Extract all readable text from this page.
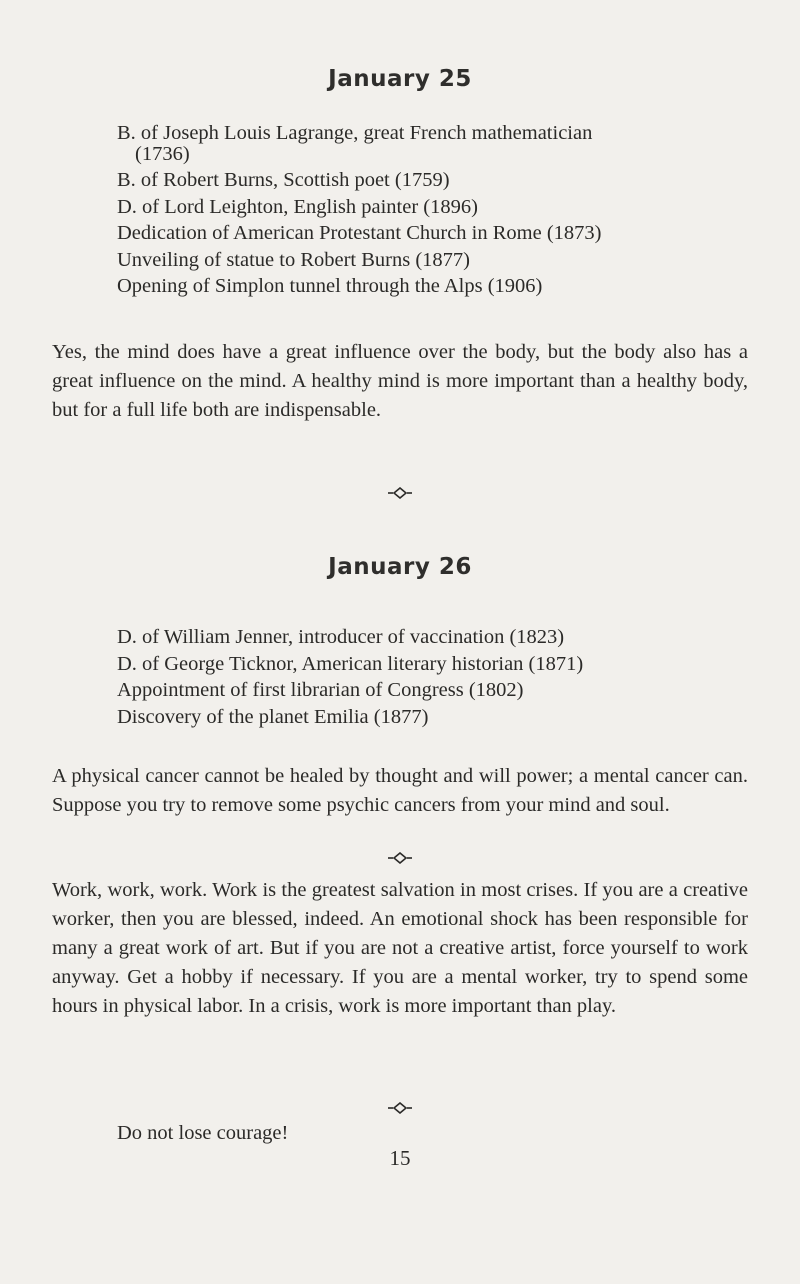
January 25
B. of Joseph Louis Lagrange, great French mathematician
(1736)
B. of Robert Burns, Scottish poet (1759)
D. of Lord Leighton, English painter (1896)
Dedication of American Protestant Church in Rome (1873)
Unveiling of statue to Robert Burns (1877)
Opening of Simplon tunnel through the Alps (1906)
Yes, the mind does have a great influence over the body, but the body also has a great influence on the mind. A healthy mind is more important than a healthy body, but for a full life both are indispensable.
January 26
D. of William Jenner, introducer of vaccination (1823)
D. of George Ticknor, American literary historian (1871)
Appointment of first librarian of Congress (1802)
Discovery of the planet Emilia (1877)
A physical cancer cannot be healed by thought and will power; a mental cancer can. Suppose you try to remove some psychic cancers from your mind and soul.
Work, work, work. Work is the greatest salvation in most crises. If you are a creative worker, then you are blessed, indeed. An emotional shock has been responsible for many a great work of art. But if you are not a creative artist, force yourself to work anyway. Get a hobby if necessary. If you are a mental worker, try to spend some hours in physical labor. In a crisis, work is more important than play.
Do not lose courage!
15
